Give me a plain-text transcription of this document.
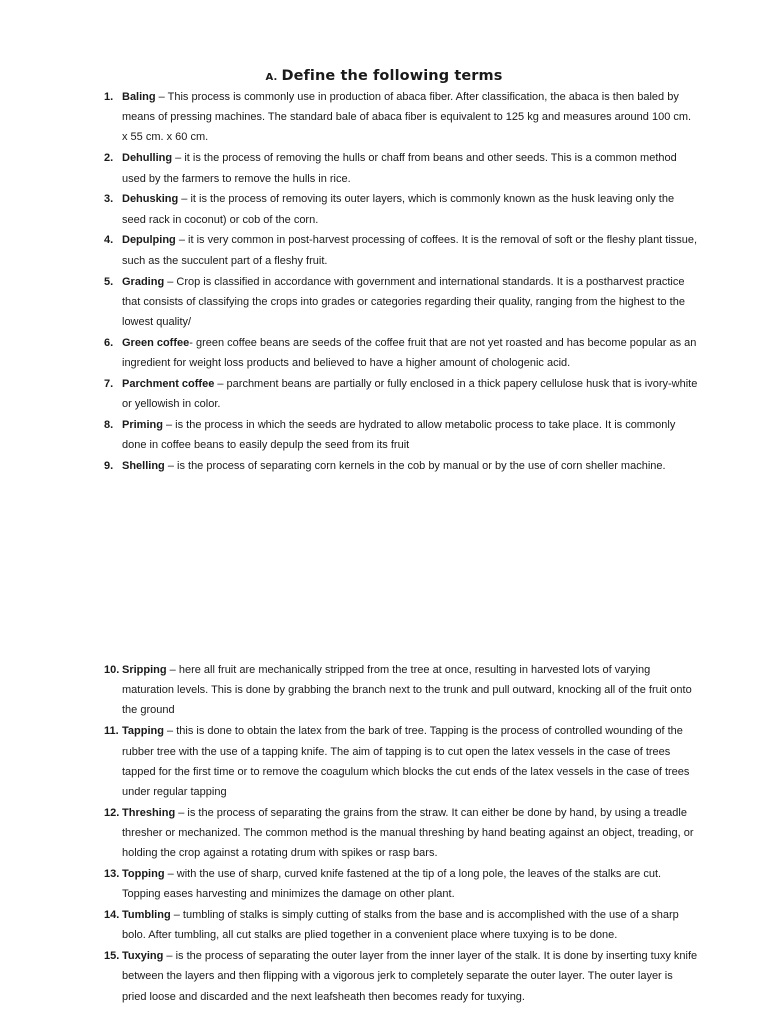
A. Define the following terms
1. Baling – This process is commonly use in production of abaca fiber. After classification, the abaca is then baled by means of pressing machines. The standard bale of abaca fiber is equivalent to 125 kg and measures around 100 cm. x 55 cm. x 60 cm.
2. Dehulling – it is the process of removing the hulls or chaff from beans and other seeds. This is a common method used by the farmers to remove the hulls in rice.
3. Dehusking – it is the process of removing its outer layers, which is commonly known as the husk leaving only the seed rack in coconut) or cob of the corn.
4. Depulping – it is very common in post-harvest processing of coffees. It is the removal of soft or the fleshy plant tissue, such as the succulent part of a fleshy fruit.
5. Grading – Crop is classified in accordance with government and international standards. It is a postharvest practice that consists of classifying the crops into grades or categories regarding their quality, ranging from the highest to the lowest quality/
6. Green coffee- green coffee beans are seeds of the coffee fruit that are not yet roasted and has become popular as an ingredient for weight loss products and believed to have a higher amount of chologenic acid.
7. Parchment coffee – parchment beans are partially or fully enclosed in a thick papery cellulose husk that is ivory-white or yellowish in color.
8. Priming – is the process in which the seeds are hydrated to allow metabolic process to take place. It is commonly done in coffee beans to easily depulp the seed from its fruit
9. Shelling – is the process of separating corn kernels in the cob by manual or by the use of corn sheller machine.
10. Sripping – here all fruit are mechanically stripped from the tree at once, resulting in harvested lots of varying maturation levels. This is done by grabbing the branch next to the trunk and pull outward, knocking all of the fruit onto the ground
11. Tapping – this is done to obtain the latex from the bark of tree. Tapping is the process of controlled wounding of the rubber tree with the use of a tapping knife. The aim of tapping is to cut open the latex vessels in the case of trees tapped for the first time or to remove the coagulum which blocks the cut ends of the latex vessels in the case of trees under regular tapping
12. Threshing – is the process of separating the grains from the straw. It can either be done by hand, by using a treadle thresher or mechanized. The common method is the manual threshing by hand beating against an object, treading, or holding the crop against a rotating drum with spikes or rasp bars.
13. Topping – with the use of sharp, curved knife fastened at the tip of a long pole, the leaves of the stalks are cut. Topping eases harvesting and minimizes the damage on other plant.
14. Tumbling – tumbling of stalks is simply cutting of stalks from the base and is accomplished with the use of a sharp bolo. After tumbling, all cut stalks are plied together in a convenient place where tuxying is to be done.
15. Tuxying – is the process of separating the outer layer from the inner layer of the stalk. It is done by inserting tuxy knife between the layers and then flipping with a vigorous jerk to completely separate the outer layer. The outer layer is pried loose and discarded and the next leafsheath then becomes ready for tuxying.
